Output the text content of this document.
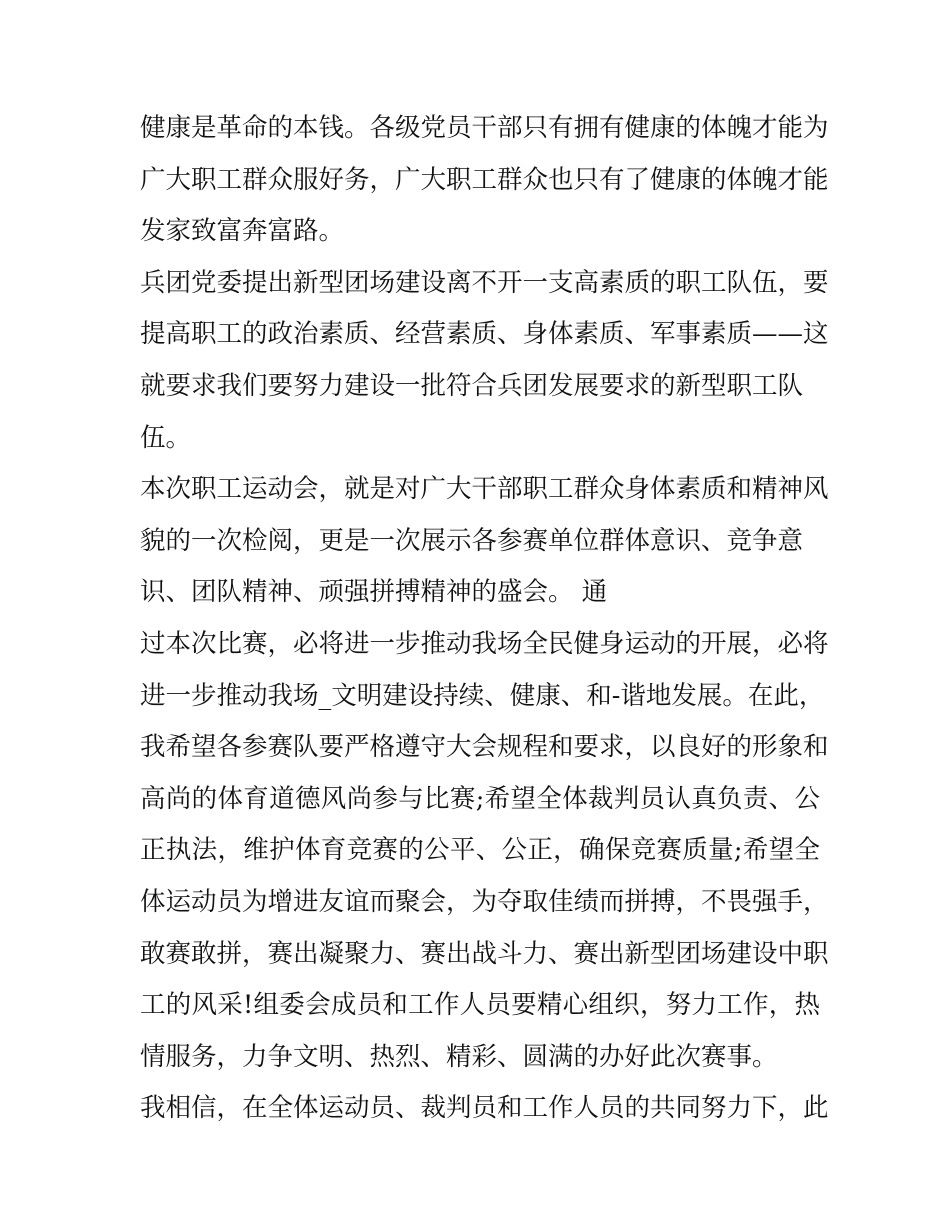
健康是革命的本钱。各级党员干部只有拥有健康的体魄才能为

广大职工群众服好务，广大职工群众也只有了健康的体魄才能

发家致富奔富路。

兵团党委提出新型团场建设离不开一支高素质的职工队伍，要

提高职工的政治素质、经营素质、身体素质、军事素质——这

就要求我们要努力建设一批符合兵团发展要求的新型职工队

伍。

本次职工运动会，就是对广大干部职工群众身体素质和精神风

貌的一次检阅，更是一次展示各参赛单位群体意识、竞争意

识、团队精神、顽强拼搏精神的盛会。 通

过本次比赛，必将进一步推动我场全民健身运动的开展，必将

进一步推动我场_文明建设持续、健康、和-谐地发展。在此，

我希望各参赛队要严格遵守大会规程和要求，以良好的形象和

高尚的体育道德风尚参与比赛;希望全体裁判员认真负责、公

正执法，维护体育竞赛的公平、公正，确保竞赛质量;希望全

体运动员为增进友谊而聚会，为夺取佳绩而拼搏，不畏强手，

敢赛敢拼，赛出凝聚力、赛出战斗力、赛出新型团场建设中职

工的风采!组委会成员和工作人员要精心组织，努力工作，热

情服务，力争文明、热烈、精彩、圆满的办好此次赛事。

我相信，在全体运动员、裁判员和工作人员的共同努力下，此
